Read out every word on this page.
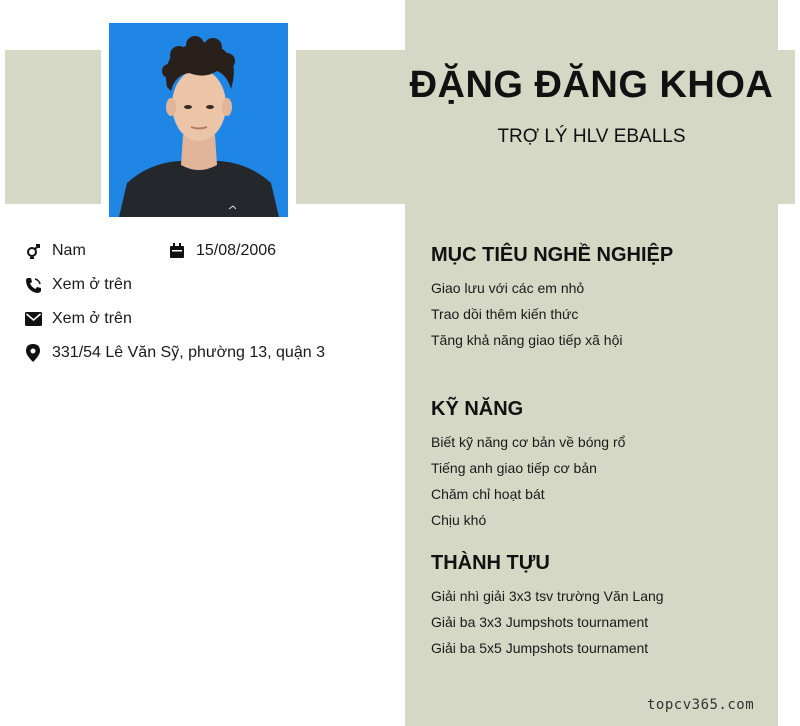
ĐẶNG ĐĂNG KHOA
TRỢ LÝ HLV EBALLS
Nam	15/08/2006
Xem ở trên
Xem ở trên
331/54 Lê Văn Sỹ, phường 13, quận 3
MỤC TIÊU NGHỀ NGHIỆP
Giao lưu với các em nhỏ
Trao dồi thêm kiến thức
Tăng khả năng giao tiếp xã hội
KỸ NĂNG
Biết kỹ năng cơ bản về bóng rổ
Tiếng anh giao tiếp cơ bản
Chăm chỉ hoạt bát
Chịu khó
THÀNH TỰU
Giải nhì giải 3x3 tsv trường Văn Lang
Giải ba 3x3 Jumpshots tournament
Giải ba 5x5 Jumpshots tournament
topcv365.com
